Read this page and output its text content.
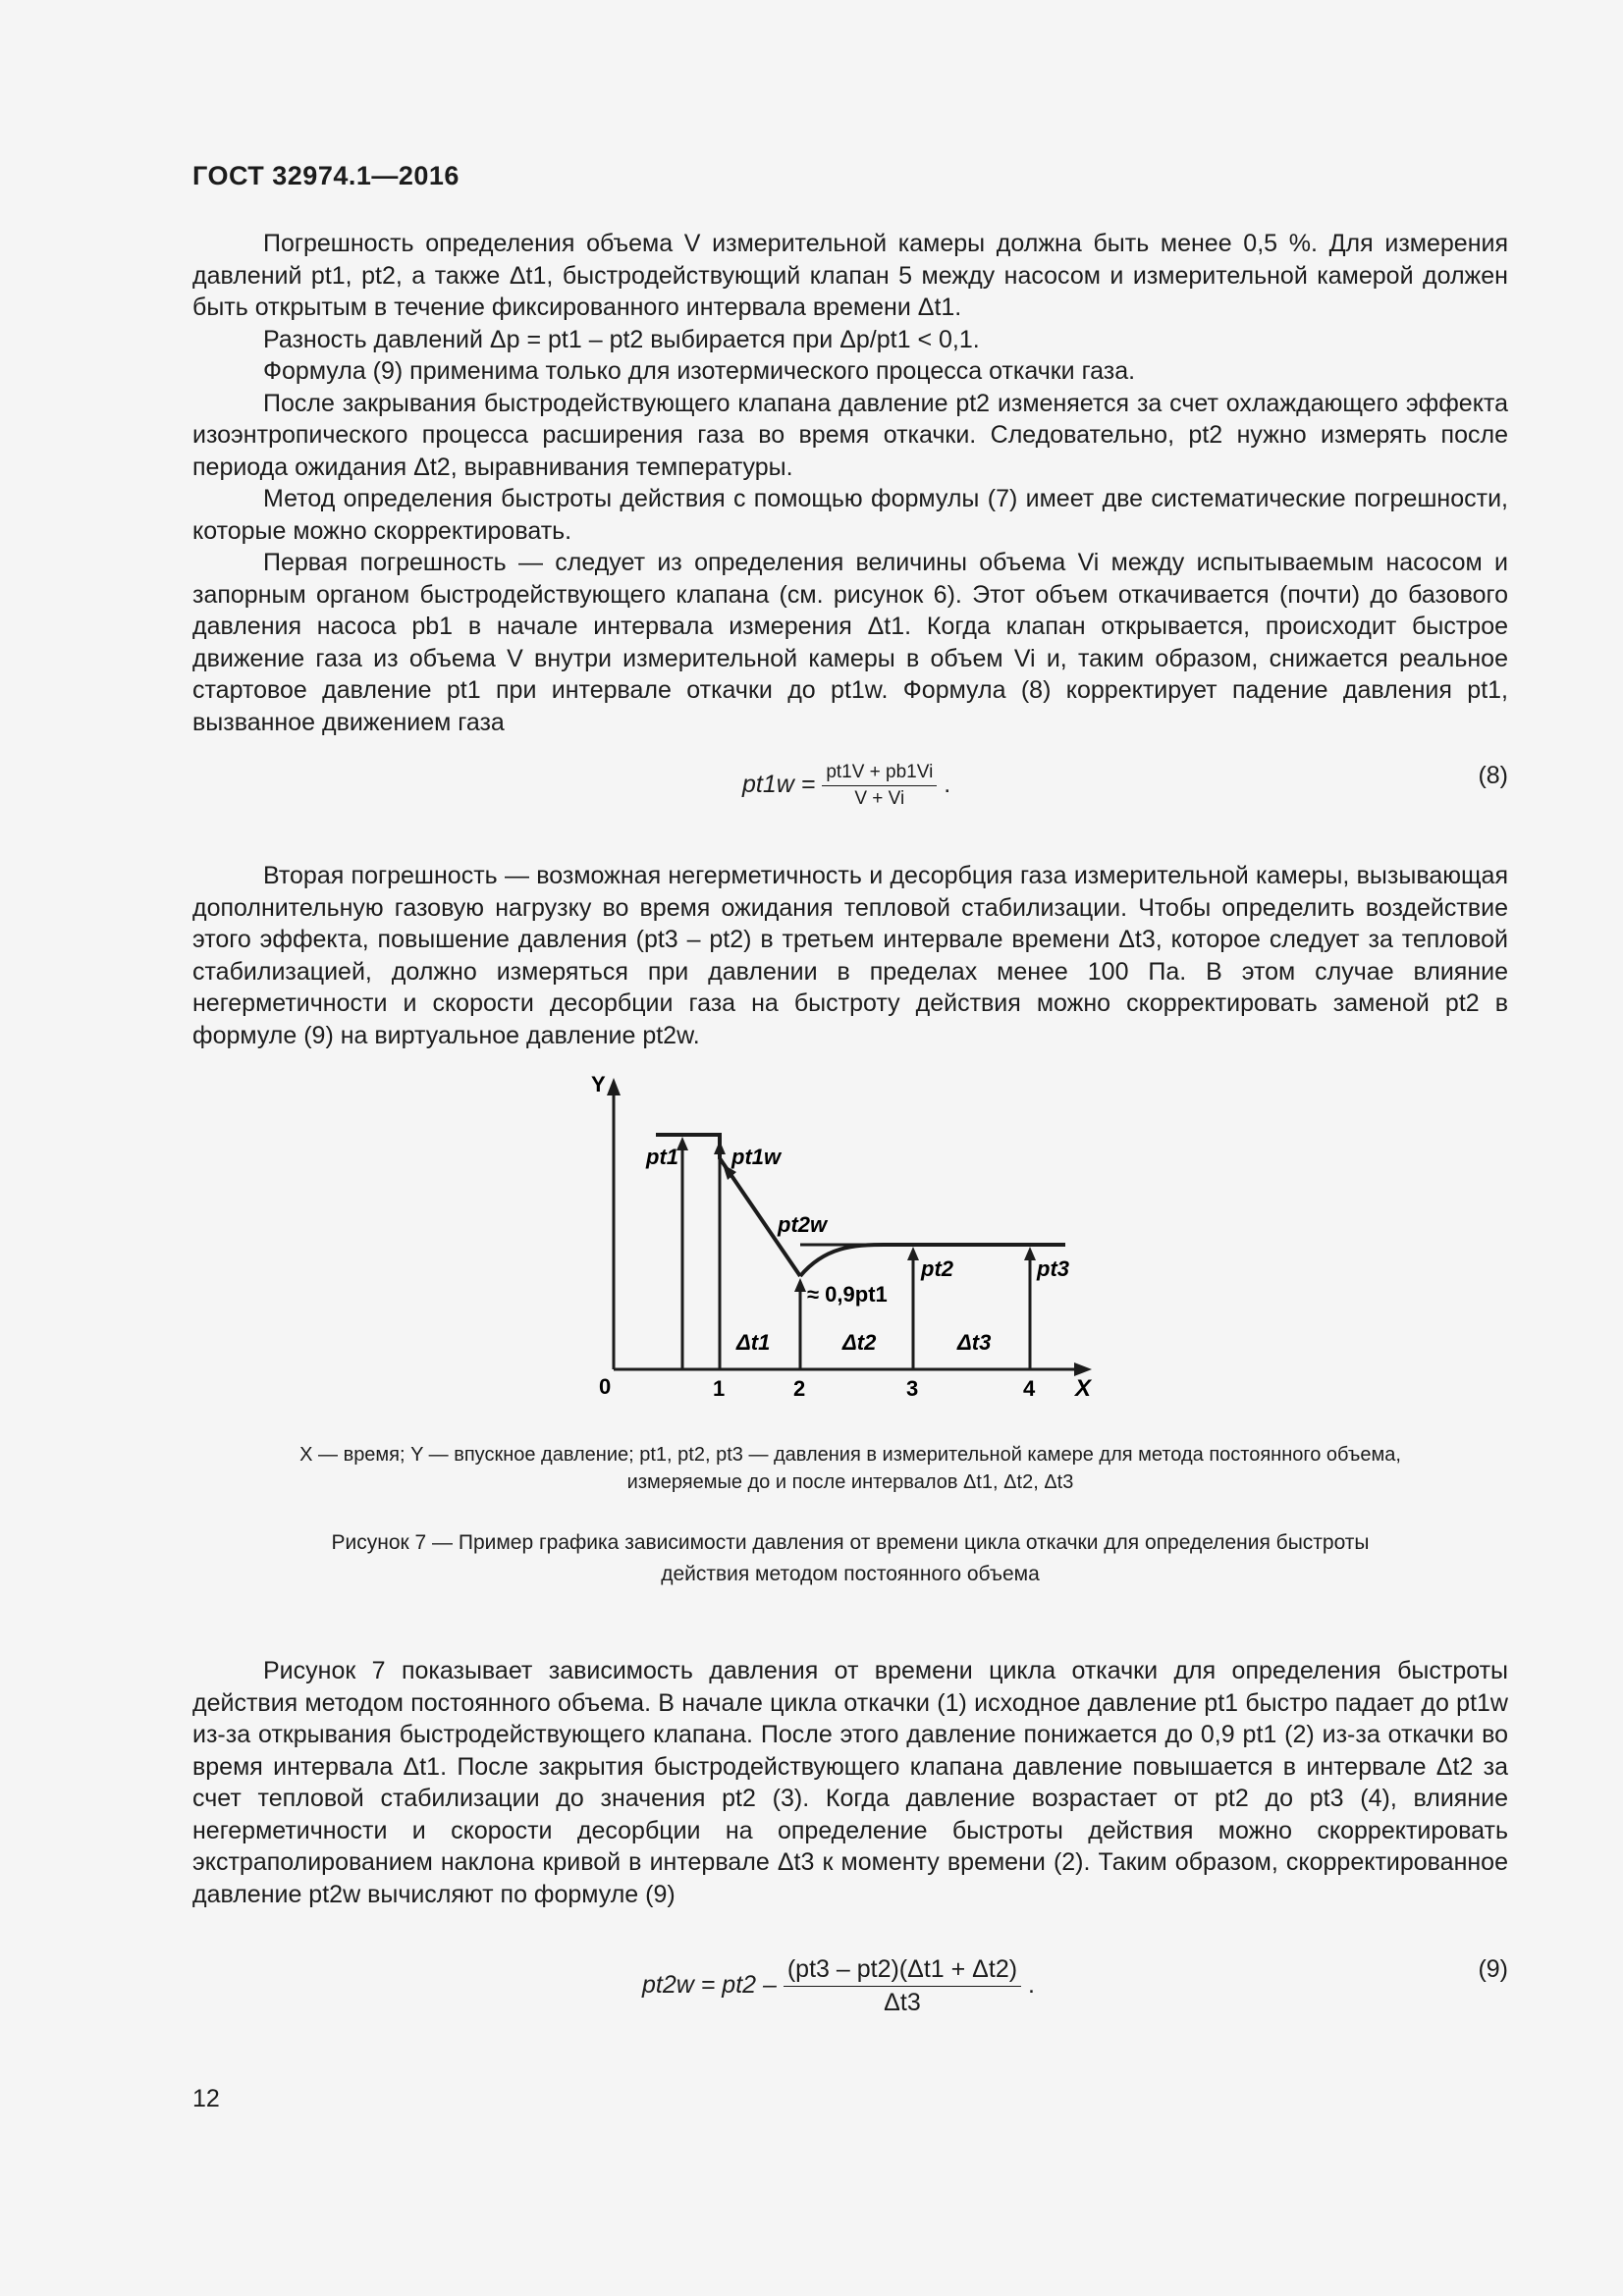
ГОСТ 32974.1—2016

Погрешность определения объема V измерительной камеры должна быть менее 0,5 %. Для измерения давлений pt1, pt2, а также Δt1, быстродействующий клапан 5 между насосом и измерительной камерой должен быть открытым в течение фиксированного интервала времени Δt1.

Разность давлений Δp = pt1 – pt2 выбирается при Δp/pt1 < 0,1.

Формула (9) применима только для изотермического процесса откачки газа.

После закрывания быстродействующего клапана давление pt2 изменяется за счет охлаждающего эффекта изоэнтропического процесса расширения газа во время откачки. Следовательно, pt2 нужно измерять после периода ожидания Δt2, выравнивания температуры.

Метод определения быстроты действия с помощью формулы (7) имеет две систематические погрешности, которые можно скорректировать.

Первая погрешность — следует из определения величины объема Vi между испытываемым насосом и запорным органом быстродействующего клапана (см. рисунок 6). Этот объем откачивается (почти) до базового давления насоса pb1 в начале интервала измерения Δt1. Когда клапан открывается, происходит быстрое движение газа из объема V внутри измерительной камеры в объем Vi и, таким образом, снижается реальное стартовое давление pt1 при интервале откачки до pt1w. Формула (8) корректирует падение давления pt1, вызванное движением газа

$pt1w = \frac{pt1V + pb1Vi}{V + Vi}$ .	(8)

Вторая погрешность — возможная негерметичность и десорбция газа измерительной камеры, вызывающая дополнительную газовую нагрузку во время ожидания тепловой стабилизации. Чтобы определить воздействие этого эффекта, повышение давления (pt3 – pt2) в третьем интервале времени Δt3, которое следует за тепловой стабилизацией, должно измеряться при давлении в пределах менее 100 Па. В этом случае влияние негерметичности и скорости десорбции газа на быстроту действия можно скорректировать заменой pt2 в формуле (9) на виртуальное давление pt2w.

Y
X
0	1	2	3	4
pt1 pt1w
pt2w
pt2	pt3
≈ 0,9pt1
Δt1	Δt2	Δt3
X — время; Y — впускное давление; pt1, pt2, pt3 — давления в измерительной камере для метода постоянного объема,
измеряемые до и после интервалов Δt1, Δt2, Δt3
Рисунок 7 — Пример графика зависимости давления от времени цикла откачки для определения быстроты
действия методом постоянного объема

Рисунок 7 показывает зависимость давления от времени цикла откачки для определения быстроты действия методом постоянного объема. В начале цикла откачки (1) исходное давление pt1 быстро падает до pt1w из-за открывания быстродействующего клапана. После этого давление понижается до 0,9 pt1 (2) из-за откачки во время интервала Δt1. После закрытия быстродействующего клапана давление повышается в интервале Δt2 за счет тепловой стабилизации до значения pt2 (3). Когда давление возрастает от pt2 до pt3 (4), влияние негерметичности и скорости десорбции на определение быстроты действия можно скорректировать экстраполированием наклона кривой в интервале Δt3 к моменту времени (2). Таким образом, скорректированное давление pt2w вычисляют по формуле (9)

$pt2w = pt2 - \frac{(pt3 - pt2)(\Delta t1 + \Delta t2)}{\Delta t3}$ .
(9)
12
